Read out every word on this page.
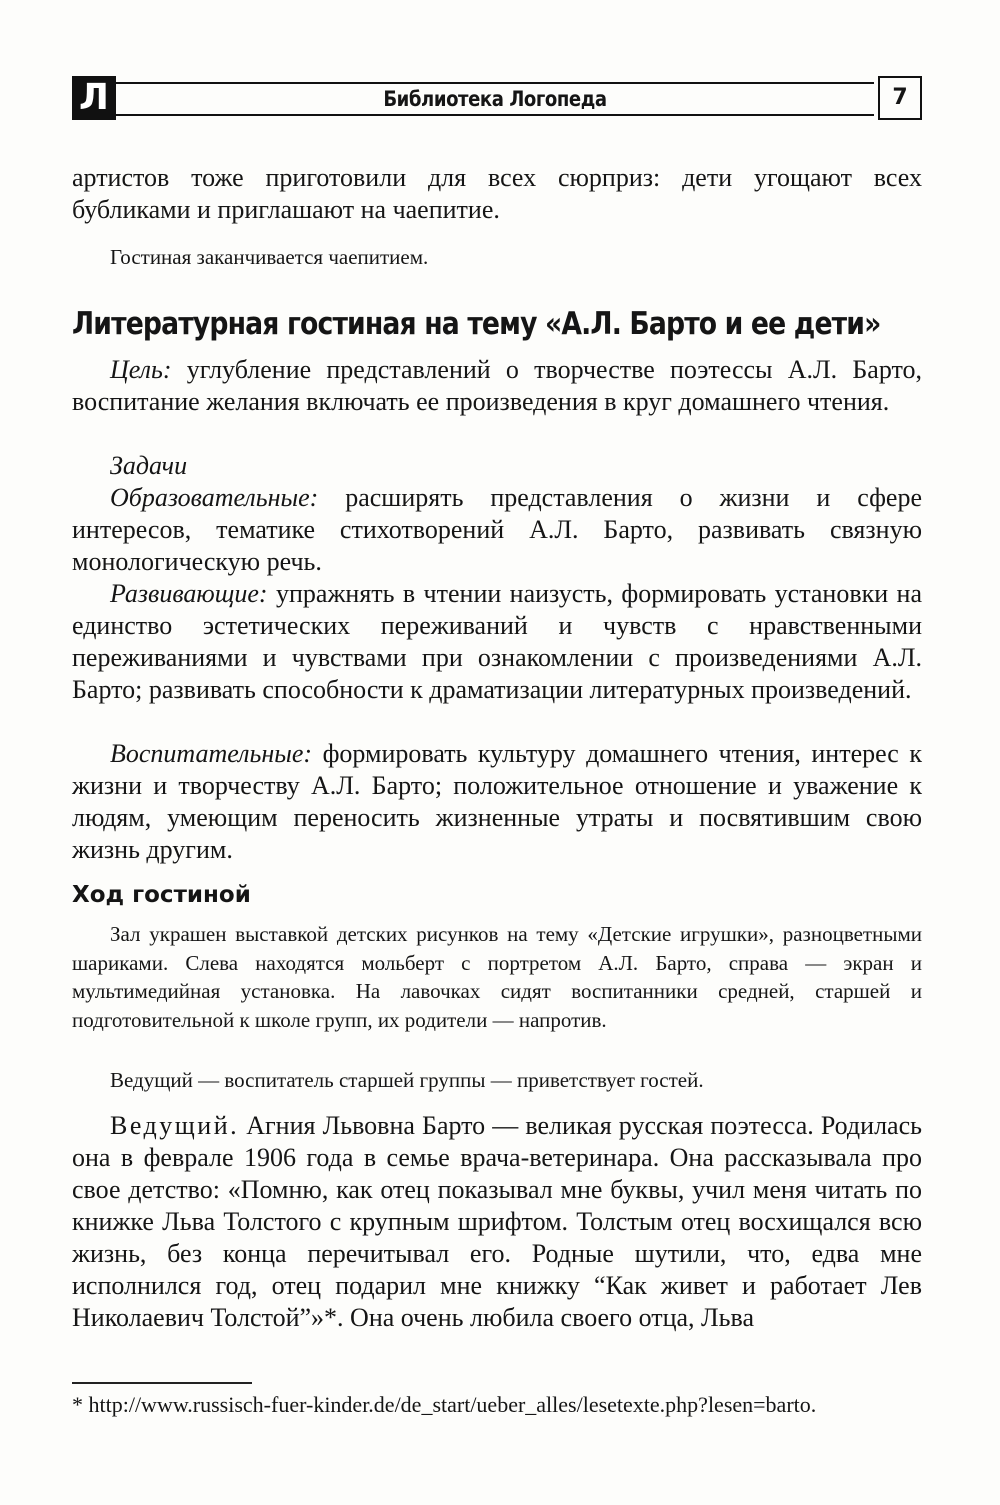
Л	Библиотека Логопеда	7

артистов тоже приготовили для всех сюрприз: дети угощают всех бубликами и приглашают на чаепитие.

Гостиная заканчивается чаепитием.

Литературная гостиная на тему «А.Л. Барто и ее дети»

Цель: углубление представлений о творчестве поэтессы А.Л. Барто, воспитание желания включать ее произведения в круг домашнего чтения.

Задачи

Образовательные: расширять представления о жизни и сфере интересов, тематике стихотворений А.Л. Барто, развивать связную монологическую речь.

Развивающие: упражнять в чтении наизусть, формировать установки на единство эстетических переживаний и чувств с нравственными переживаниями и чувствами при ознакомлении с произведениями А.Л. Барто; развивать способности к драматизации литературных произведений.

Воспитательные: формировать культуру домашнего чтения, интерес к жизни и творчеству А.Л. Барто; положительное отношение и уважение к людям, умеющим переносить жизненные утраты и посвятившим свою жизнь другим.

Ход гостиной

Зал украшен выставкой детских рисунков на тему «Детские игрушки», разноцветными шариками. Слева находятся мольберт с портретом А.Л. Барто, справа — экран и мультимедийная установка. На лавочках сидят воспитанники средней, старшей и подготовительной к школе групп, их родители — напротив.

Ведущий — воспитатель старшей группы — приветствует гостей.

Ведущий. Агния Львовна Барто — великая русская поэтесса. Родилась она в феврале 1906 года в семье врача-ветеринара. Она рассказывала про свое детство: «Помню, как отец показывал мне буквы, учил меня читать по книжке Льва Толстого с крупным шрифтом. Толстым отец восхищался всю жизнь, без конца перечитывал его. Родные шутили, что, едва мне исполнился год, отец подарил мне книжку “Как живет и работает Лев Николаевич Толстой”»*. Она очень любила своего отца, Льва

* http://www.russisch-fuer-kinder.de/de_start/ueber_alles/lesetexte.php?lesen=barto.
